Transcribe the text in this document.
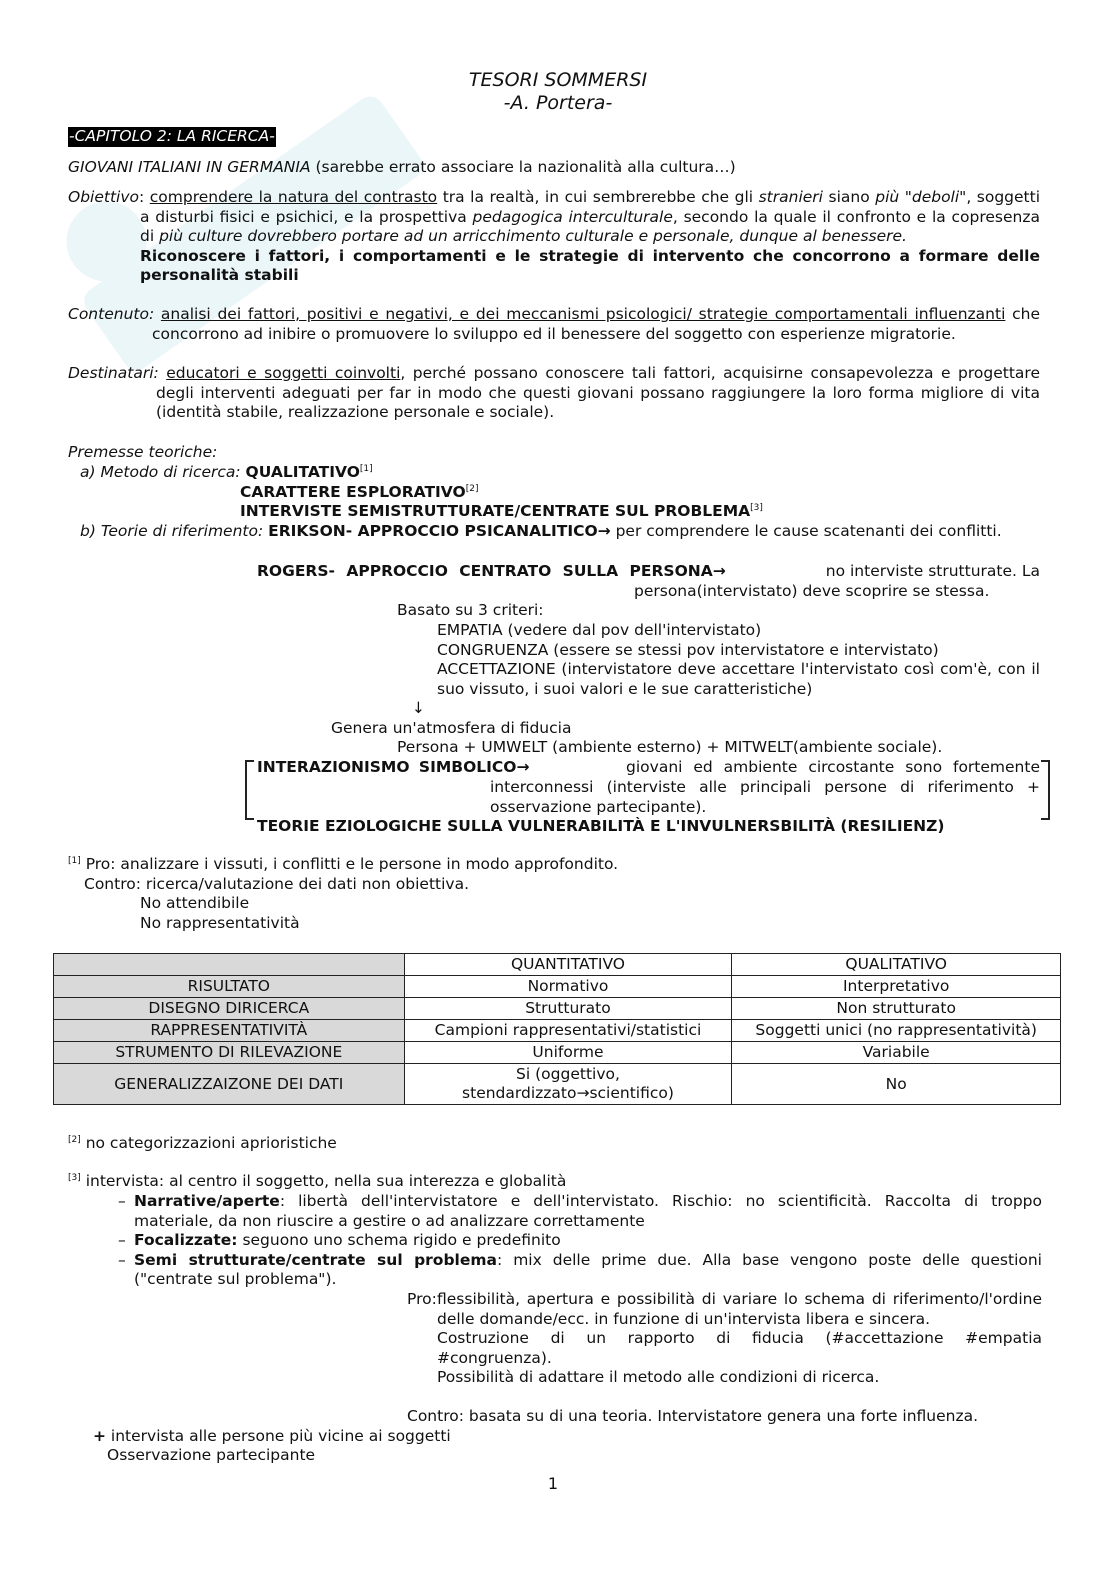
TESORI SOMMERSI
-A. Portera-
-CAPITOLO 2: LA RICERCA-
GIOVANI ITALIANI IN GERMANIA (sarebbe errato associare la nazionalità alla cultura…)
Obiettivo: comprendere la natura del contrasto tra la realtà, in cui sembrerebbe che gli stranieri siano più "deboli", soggetti a disturbi fisici e psichici, e la prospettiva pedagogica interculturale, secondo la quale il confronto e la copresenza di più culture dovrebbero portare ad un arricchimento culturale e personale, dunque al benessere.
Riconoscere i fattori, i comportamenti e le strategie di intervento che concorrono a formare delle personalità stabili
Contenuto: analisi dei fattori, positivi e negativi, e dei meccanismi psicologici/ strategie comportamentali influenzanti che concorrono ad inibire o promuovere lo sviluppo ed il benessere del soggetto con esperienze migratorie.
Destinatari: educatori e soggetti coinvolti, perché possano conoscere tali fattori, acquisirne consapevolezza e progettare degli interventi adeguati per far in modo che questi giovani possano raggiungere la loro forma migliore di vita (identità stabile, realizzazione personale e sociale).
Premesse teoriche:
a) Metodo di ricerca: QUALITATIVO[1]
CARATTERE ESPLORATIVO[2]
INTERVISTE SEMISTRUTTURATE/CENTRATE SUL PROBLEMA[3]
b) Teorie di riferimento: ERIKSON- APPROCCIO PSICANALITICO→ per comprendere le cause scatenanti dei conflitti.
ROGERS- APPROCCIO CENTRATO SULLA PERSONA→	no interviste strutturate. La
persona(intervistato) deve scoprire se stessa.
Basato su 3 criteri:
EMPATIA (vedere dal pov dell'intervistato)
CONGRUENZA (essere se stessi pov intervistatore e intervistato)
ACCETTAZIONE (intervistatore deve accettare l'intervistato così com'è, con il suo vissuto, i suoi valori e le sue caratteristiche)
↓
Genera un'atmosfera di fiducia
Persona + UMWELT (ambiente esterno) + MITWELT(ambiente sociale).
INTERAZIONISMO SIMBOLICO→	giovani ed ambiente circostante sono fortemente
interconnessi (interviste alle principali persone di riferimento + osservazione partecipante).
TEORIE EZIOLOGICHE SULLA VULNERABILITÀ E L'INVULNERSBILITÀ (RESILIENZ)
[1] Pro: analizzare i vissuti, i conflitti e le persone in modo approfondito.
Contro: ricerca/valutazione dei dati non obiettiva.
No attendibile
No rappresentatività
	QUANTITATIVO	QUALITATIVO
RISULTATO	Normativo	Interpretativo
DISEGNO DIRICERCA	Strutturato	Non strutturato
RAPPRESENTATIVITÀ	Campioni rappresentativi/statistici	Soggetti unici (no rappresentatività)
STRUMENTO DI RILEVAZIONE	Uniforme	Variabile
GENERALIZZAIZONE DEI DATI	Si (oggettivo,
stendardizzato→scientifico)	No
[2] no categorizzazioni aprioristiche
[3] intervista: al centro il soggetto, nella sua interezza e globalità
– Narrative/aperte: libertà dell'intervistatore e dell'intervistato. Rischio: no scientificità. Raccolta di troppo materiale, da non riuscire a gestire o ad analizzare correttamente
– Focalizzate: seguono uno schema rigido e predefinito
– Semi strutturate/centrate sul problema: mix delle prime due. Alla base vengono poste delle questioni ("centrate sul problema").
Pro: flessibilità, apertura e possibilità di variare lo schema di riferimento/l'ordine delle domande/ecc. in funzione di un'intervista libera e sincera.
Costruzione di un rapporto di fiducia (#accettazione #empatia #congruenza).
Possibilità di adattare il metodo alle condizioni di ricerca.
Contro: basata su di una teoria. Intervistatore genera una forte influenza.
+ intervista alle persone più vicine ai soggetti
Osservazione partecipante
1
